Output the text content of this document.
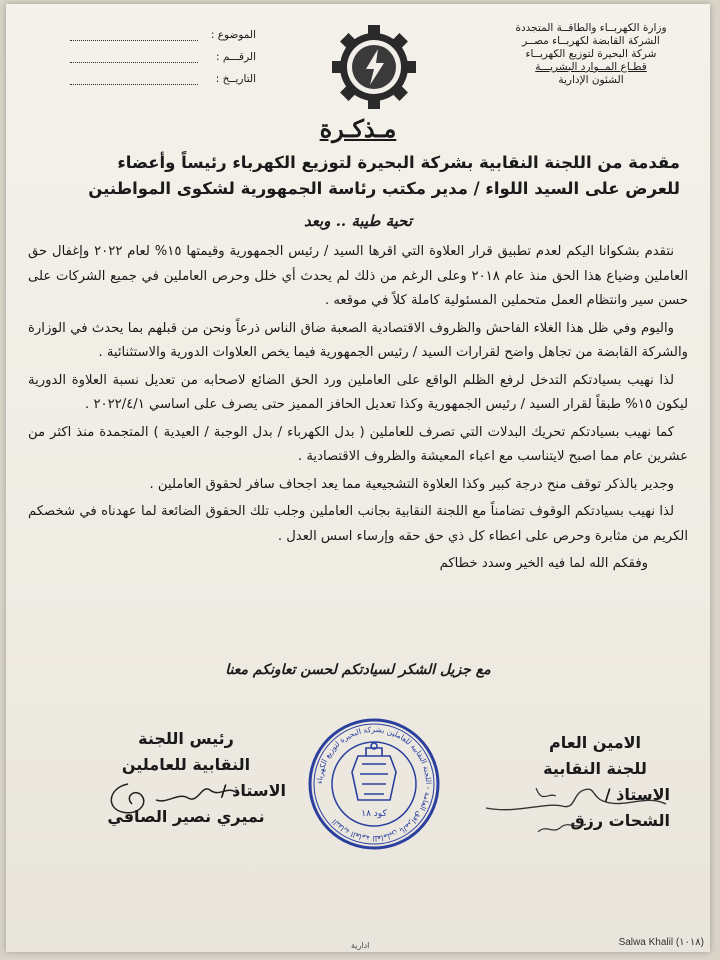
وزارة الكهربــاء والطاقــة المتجددة
الشركة القابضة لكهربــاء مصــر
شركة البحيرة لتوزيع الكهربــاء
قطـاع المــوارد البشريـــة
الشئون الإدارية
الموضوع :
الرقـــم :
التاريــخ :
مـذكـرة
مقدمة من اللجنة النقابية بشركة البحيرة لتوزيع الكهرباء رئيساً وأعضاء
للعرض على السيد اللواء / مدير مكتب رئاسة الجمهورية لشكوى المواطنين
تحية طيبة .. وبعد

نتقدم بشكوانا اليكم لعدم تطبيق قرار العلاوة التي اقرها السيد / رئيس الجمهورية وقيمتها ١٥% لعام ٢٠٢٢ وإغفال حق العاملين وضياع هذا الحق منذ عام ٢٠١٨ وعلى الرغم من ذلك لم يحدث أي خلل وحرص العاملين في جميع الشركات على حسن سير وانتظام العمل متحملين المسئولية كاملة كلاً في موقعه .

واليوم وفي ظل هذا الغلاء الفاحش والظروف الاقتصادية الصعبة ضاق الناس ذرعاً ونحن من قبلهم بما يحدث في الوزارة والشركة القابضة من تجاهل واضح لقرارات السيد / رئيس الجمهورية فيما يخص العلاوات الدورية والاستثنائية .

لذا نهيب بسيادتكم التدخل لرفع الظلم الواقع على العاملين ورد الحق الضائع لاصحابه من تعديل نسبة العلاوة الدورية ليكون ١٥% طبقاً لقرار السيد / رئيس الجمهورية وكذا تعديل الحافز المميز حتى يصرف على اساسي ٢٠٢٢/٤/١ .

كما نهيب بسيادتكم تحريك البدلات التي تصرف للعاملين ( بدل الكهرباء / بدل الوجبة / العيدية ) المتجمدة منذ اكثر من عشرين عام مما اصبح لايتناسب مع اعباء المعيشة والظروف الاقتصادية .

وجدير بالذكر توقف منح درجة كبير وكذا العلاوة التشجيعية مما يعد اجحاف سافر لحقوق العاملين .

لذا نهيب بسيادتكم الوقوف تضامناً مع اللجنة النقابية بجانب العاملين وجلب تلك الحقوق الضائعة لما عهدناه في شخصكم الكريم من مثابرة وحرص على اعطاء كل ذي حق حقه وإرساء اسس العدل .

وفقكم الله لما فيه الخير وسدد خطاكم

مع جزيل الشكر لسيادتكم لحسن تعاونكم معنا
الامين العام
للجنة النقابية
الاستاذ /
الشحات رزق
رئيس اللجنة
النقابية للعاملين
الاستاذ /
نميري نصير الصافي
النقابة العامة للعاملين بالمرافق العامة - اللجنة النقابية للعاملين بشركة البحيرة لتوزيع الكهرباء
كود ١٨
ادارية	Salwa Khalil (١٠١٨)
